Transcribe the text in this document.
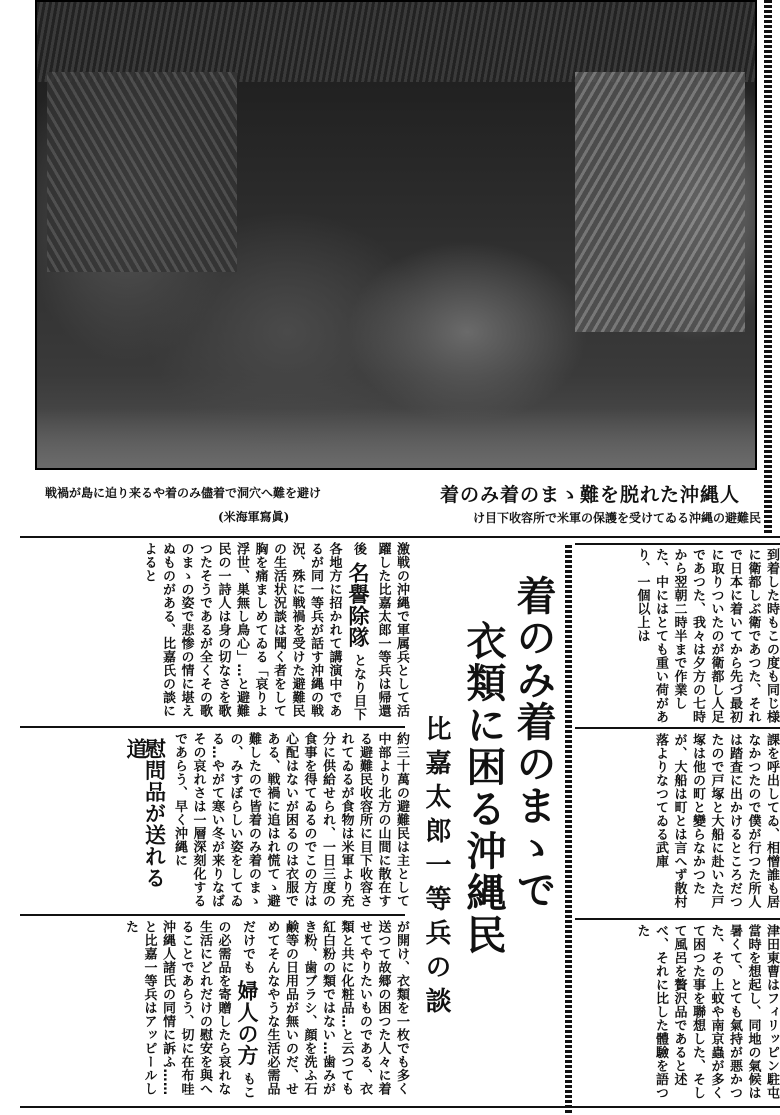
戦禍が島に迫り来るや着のみ儘着で洞穴へ難を避け
(米海軍寫眞)
着のみ着のまゝ難を脱れた沖縄人
け目下收容所で米軍の保護を受けてゐる沖縄の避難民
着のみ着のまゝで
衣類に困る沖縄民
比嘉太郎一等兵の談
激戦の沖縄で軍属兵として活躍した比嘉太郎一等兵は帰還後名譽除隊となり目下各地方に招かれて講演中であるが同一等兵が話す沖縄の戦況、殊に戦禍を受けた避難民の生活状況談は聞く者をして胸を痛ましめてゐる「哀りよ浮世、巣無し鳥心」…と避難民の一詩人は身の切なさを歌つたそうであるが全くその歌のまゝの姿で悲惨の情に堪えぬものがある、比嘉氏の談によると
約三十萬の避難民は主として中部より北方の山間に散在する避難民收容所に目下收容されてゐるが食物は米軍より充分に供給せられ、一日三度の食事を得てゐるのでこの方は心配はないが困るのは衣服である、戦禍に追はれ慌てゝ避難したので皆着のみ着のまゝの、みすぼらしい姿をしてゐる…やがて寒い冬が来りなばその哀れさは一層深刻化するであらう、早く沖縄に慰問品が送れる道
が開け、衣類を一枚でも多く送つて故郷の困つた人々に着せてやりたいものである、衣類と共に化粧品…と云つても紅白粉の類ではない…歯みがき粉、歯ブラシ、顔を洗ふ石鹸等の日用品が無いのだ、せめてそんなやうな生活必需品だけでも婦人の方もこの必需品を寄贈したら哀れな生活にどれだけの慰安を與へることであらう、切に在布哇沖縄人諸氏の同情に訴ふ……と比嘉一等兵はアッピールした
到着した時もこの度も同じ様に衛都しぶ衛であつた、それで日本に着いてから先づ最初に取りついたのが衛都し人足であつた、我々は夕方の七時から翌朝二時半まで作業した、中にはとても重い荷があり、一個以上は
課を呼出してゐ、相憎誰も居なかつたので僕が行つた所人は踏査に出かけるところだつたので戸塚と大船に赴いた戸塚は他の町と變らなかつたが、大船は町とは言へず散村落よりなつてゐる武庫
津田東曹はフィリッピン駐屯當時を想起し、同地の氣候は暑くて、とても氣持が悪かつた、その上蚊や南京蟲が多くて困つた事を聯想した、そして風呂を贅沢品であると述べ、それに比した體驗を語つた
